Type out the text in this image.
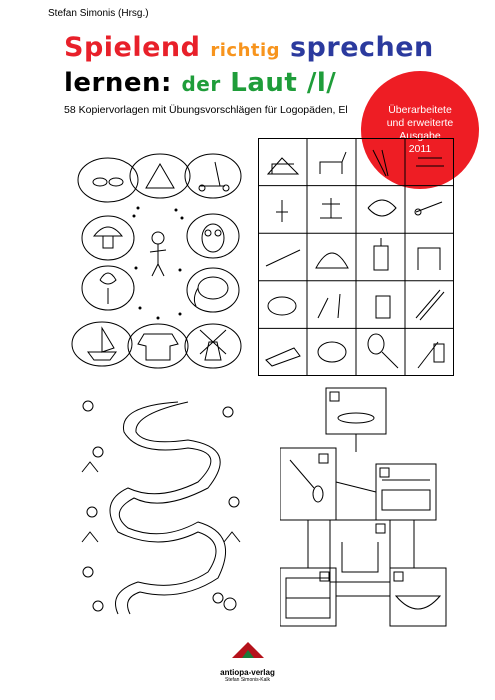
Stefan Simonis (Hrsg.)
Spielend richtig sprechen
lernen: der Laut /l/
58 Kopiervorlagen mit Übungsvorschlägen für Logopäden, El	Überarbeitete
und erweiterte
Ausgabe
2011
antiopa-verlag
Stefan Simonis-Kalk
